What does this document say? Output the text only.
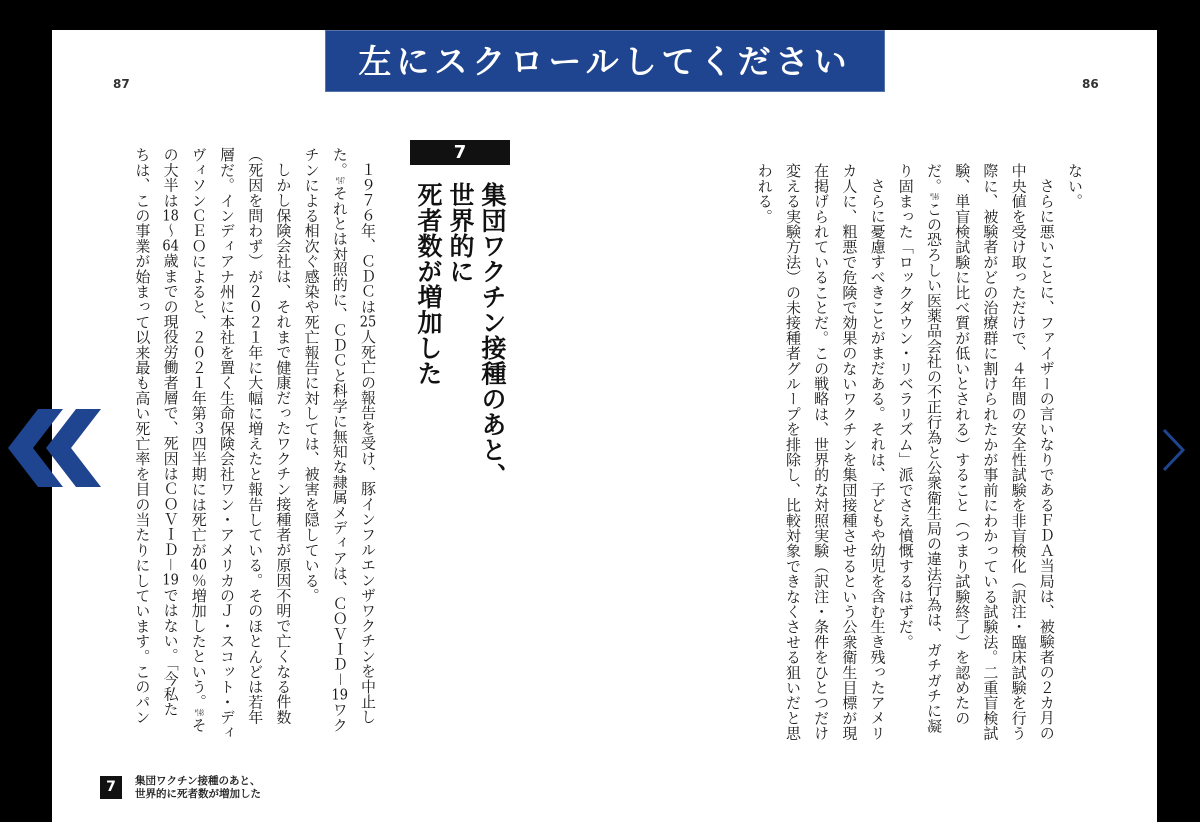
左にスクロールしてください
87	86
ない。
さらに悪いことに、ファイザーの言いなりであるＦＤＡ当局は、被験者の２カ月の
中央値を受け取っただけで、４年間の安全性試験を非盲検化（訳注・臨床試験を行う
際に、被験者がどの治療群に割けられたかが事前にわかっている試験法。二重盲検試
験、単盲検試験に比べ質が低いとされる）すること（つまり試験終了）を認めたの
だ。*146この恐ろしい医薬品会社の不正行為と公衆衛生局の違法行為は、ガチガチに凝
り固まった「ロックダウン・リベラリズム」派でさえ憤慨するはずだ。
さらに憂慮すべきことがまだある。それは、子どもや幼児を含む生き残ったアメリ
カ人に、粗悪で危険で効果のないワクチンを集団接種させるという公衆衛生目標が現
在掲げられていることだ。この戦略は、世界的な対照実験（訳注・条件をひとつだけ
変える実験方法）の未接種者グループを排除し、比較対象できなくさせる狙いだと思
われる。
7
集団ワクチン接種のあと、
世界的に
死者数が増加した
１９７６年、ＣＤＣは25人死亡の報告を受け、豚インフルエンザワクチンを中止し
た。*147それとは対照的に、ＣＤＣと科学に無知な隷属メディアは、ＣＯＶＩＤ－19ワク
チンによる相次ぐ感染や死亡報告に対しては、被害を隠している。
しかし保険会社は、それまで健康だったワクチン接種者が原因不明で亡くなる件数
（死因を問わず）が２０２１年に大幅に増えたと報告している。そのほとんどは若年
層だ。インディアナ州に本社を置く生命保険会社ワン・アメリカのＪ・スコット・ディ
ヴィソンＣＥＯによると、２０２１年第３四半期には死亡が40％増加したという。*148そ
の大半は18～64歳までの現役労働者層で、死因はＣＯＶＩＤ－19ではない。「今私た
ちは、この事業が始まって以来最も高い死亡率を目の当たりにしています。このパン
7	集団ワクチン接種のあと、
世界的に死者数が増加した
